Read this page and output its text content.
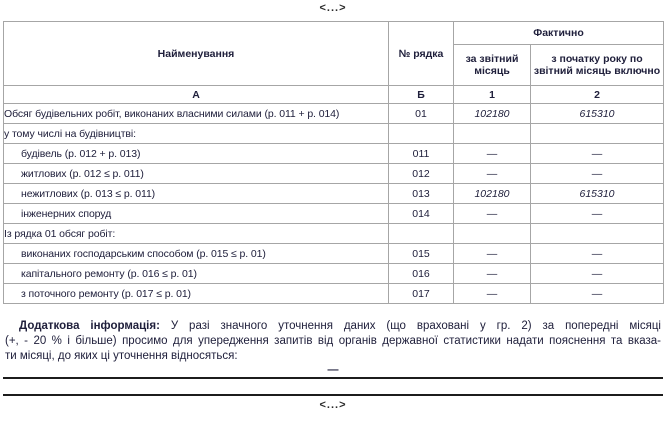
<...>
Найменування	№ рядка	Фактично	
		за звітний місяць	з початку року по звітний місяць включно
А	Б	1	2
Обсяг будівельних робіт, виконаних власними силами (р. 011 + р. 014)	01	102180	615310
у тому числі на будівництві:			
будівель (р. 012 + р. 013)	011	—	—
житлових (р. 012 ≤ р. 011)	012	—	—
нежитлових (р. 013 ≤ р. 011)	013	102180	615310
інженерних споруд	014	—	—
Із рядка 01 обсяг робіт:			
виконаних господарським способом (р. 015 ≤ р. 01)	015	—	—
капітального ремонту (р. 016 ≤ р. 01)	016	—	—
з поточного ремонту (р. 017 ≤ р. 01)	017	—	—
Додаткова інформація: У разі значного уточнення даних (що враховані у гр. 2) за попередні місяці
(+, - 20 % і більше) просимо для упередження запитів від органів державної статистики надати пояснення та вказа-
ти місяці, до яких ці уточнення відносяться:
—
<...>
